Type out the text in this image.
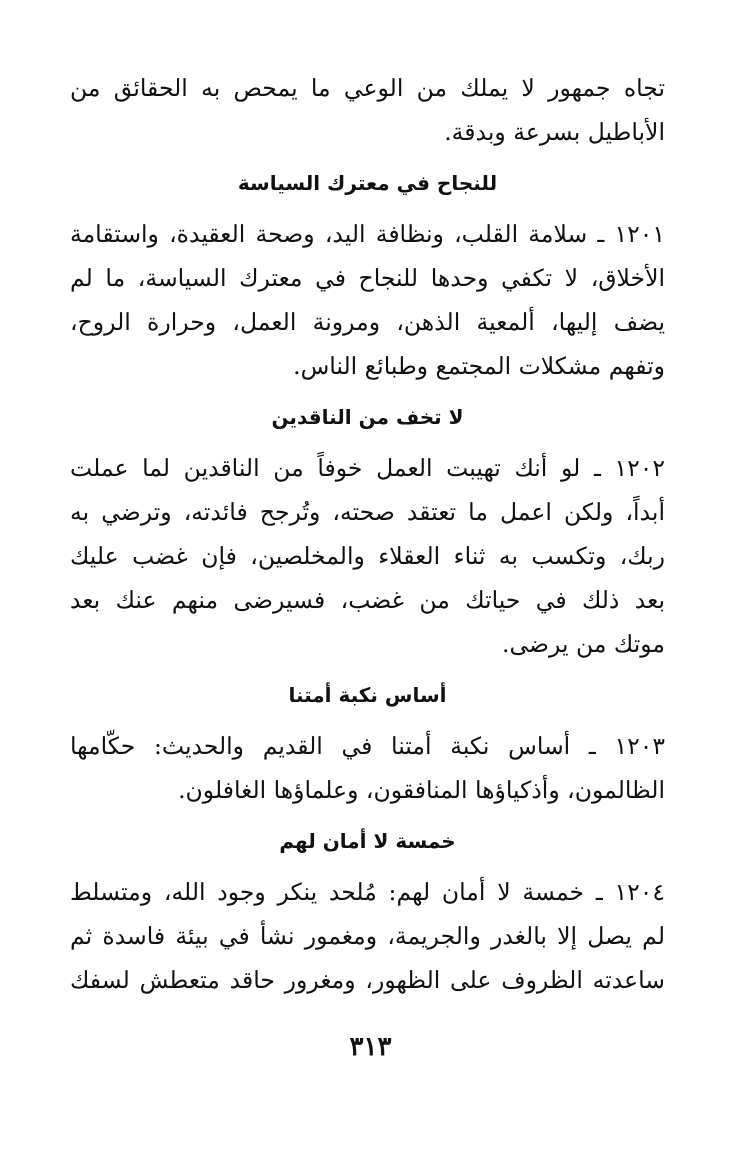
تجاه جمهور لا يملك من الوعي ما يمحص به الحقائق من
الأباطيل بسرعة وبدقة.
للنجاح في معترك السياسة
١٢٠١ ـ سلامة القلب، ونظافة اليد، وصحة العقيدة، واستقامة
الأخلاق، لا تكفي وحدها للنجاح في معترك السياسة، ما لم
يضف إليها، ألمعية الذهن، ومرونة العمل، وحرارة الروح،
وتفهم مشكلات المجتمع وطبائع الناس.
لا تخف من الناقدين
١٢٠٢ ـ لو أنك تهيبت العمل خوفاً من الناقدين لما عملت
أبداً، ولكن اعمل ما تعتقد صحته، وتُرجح فائدته، وترضي به
ربك، وتكسب به ثناء العقلاء والمخلصين، فإن غضب عليك
بعد ذلك في حياتك من غضب، فسيرضى منهم عنك بعد
موتك من يرضى.
أساس نكبة أمتنا
١٢٠٣ ـ أساس نكبة أمتنا في القديم والحديث: حكّامها
الظالمون، وأذكياؤها المنافقون، وعلماؤها الغافلون.
خمسة لا أمان لهم
١٢٠٤ ـ خمسة لا أمان لهم: مُلحد ينكر وجود الله، ومتسلط
لم يصل إلا بالغدر والجريمة، ومغمور نشأ في بيئة فاسدة ثم
ساعدته الظروف على الظهور، ومغرور حاقد متعطش لسفك
٣١٣
